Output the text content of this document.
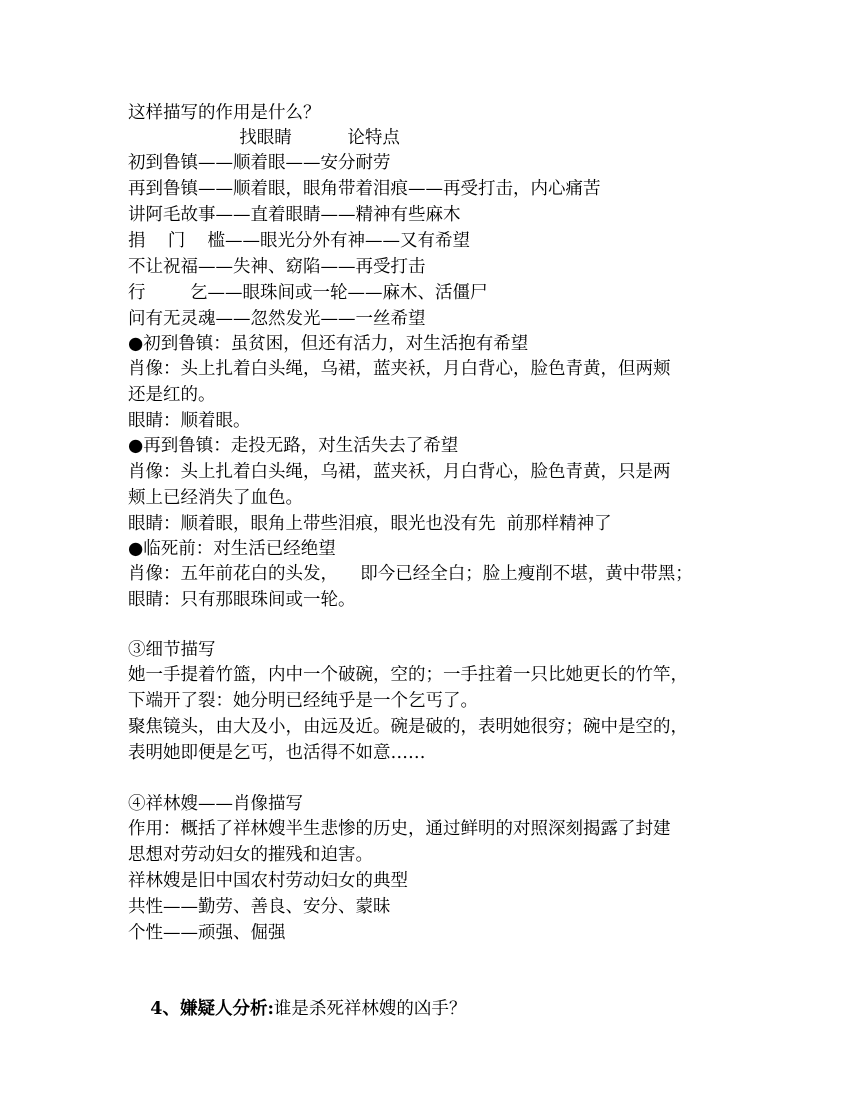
这样描写的作用是什么？
找眼睛          论特点
初到鲁镇——顺着眼——安分耐劳
再到鲁镇——顺着眼，眼角带着泪痕——再受打击，内心痛苦
讲阿毛故事——直着眼睛——精神有些麻木
捐    门    槛——眼光分外有神——又有希望
不让祝福——失神、窈陷——再受打击
行        乞——眼珠间或一轮——麻木、活僵尸
问有无灵魂——忽然发光——一丝希望
●初到鲁镇：虽贫困，但还有活力，对生活抱有希望
肖像：头上扎着白头绳，乌裙，蓝夹袄，月白背心，脸色青黄，但两颊
还是红的。
眼睛：顺着眼。
●再到鲁镇：走投无路，对生活失去了希望
肖像：头上扎着白头绳，乌裙，蓝夹袄，月白背心，脸色青黄，只是两
颊上已经消失了血色。
眼睛：顺着眼，眼角上带些泪痕，眼光也没有先  前那样精神了
●临死前：对生活已经绝望
肖像：五年前花白的头发，    即今已经全白；脸上瘦削不堪，黄中带黑；
眼睛：只有那眼珠间或一轮。
③细节描写
她一手提着竹篮，内中一个破碗，空的；一手拄着一只比她更长的竹竿，
下端开了裂：她分明已经纯乎是一个乞丐了。
聚焦镜头，由大及小，由远及近。碗是破的，表明她很穷；碗中是空的，
表明她即便是乞丐，也活得不如意……
④祥林嫂——肖像描写
作用：概括了祥林嫂半生悲惨的历史，通过鲜明的对照深刻揭露了封建
思想对劳动妇女的摧残和迫害。
祥林嫂是旧中国农村劳动妇女的典型
共性——勤劳、善良、安分、蒙昧
个性——顽强、倔强

4、嫌疑人分析:谁是杀死祥林嫂的凶手？
